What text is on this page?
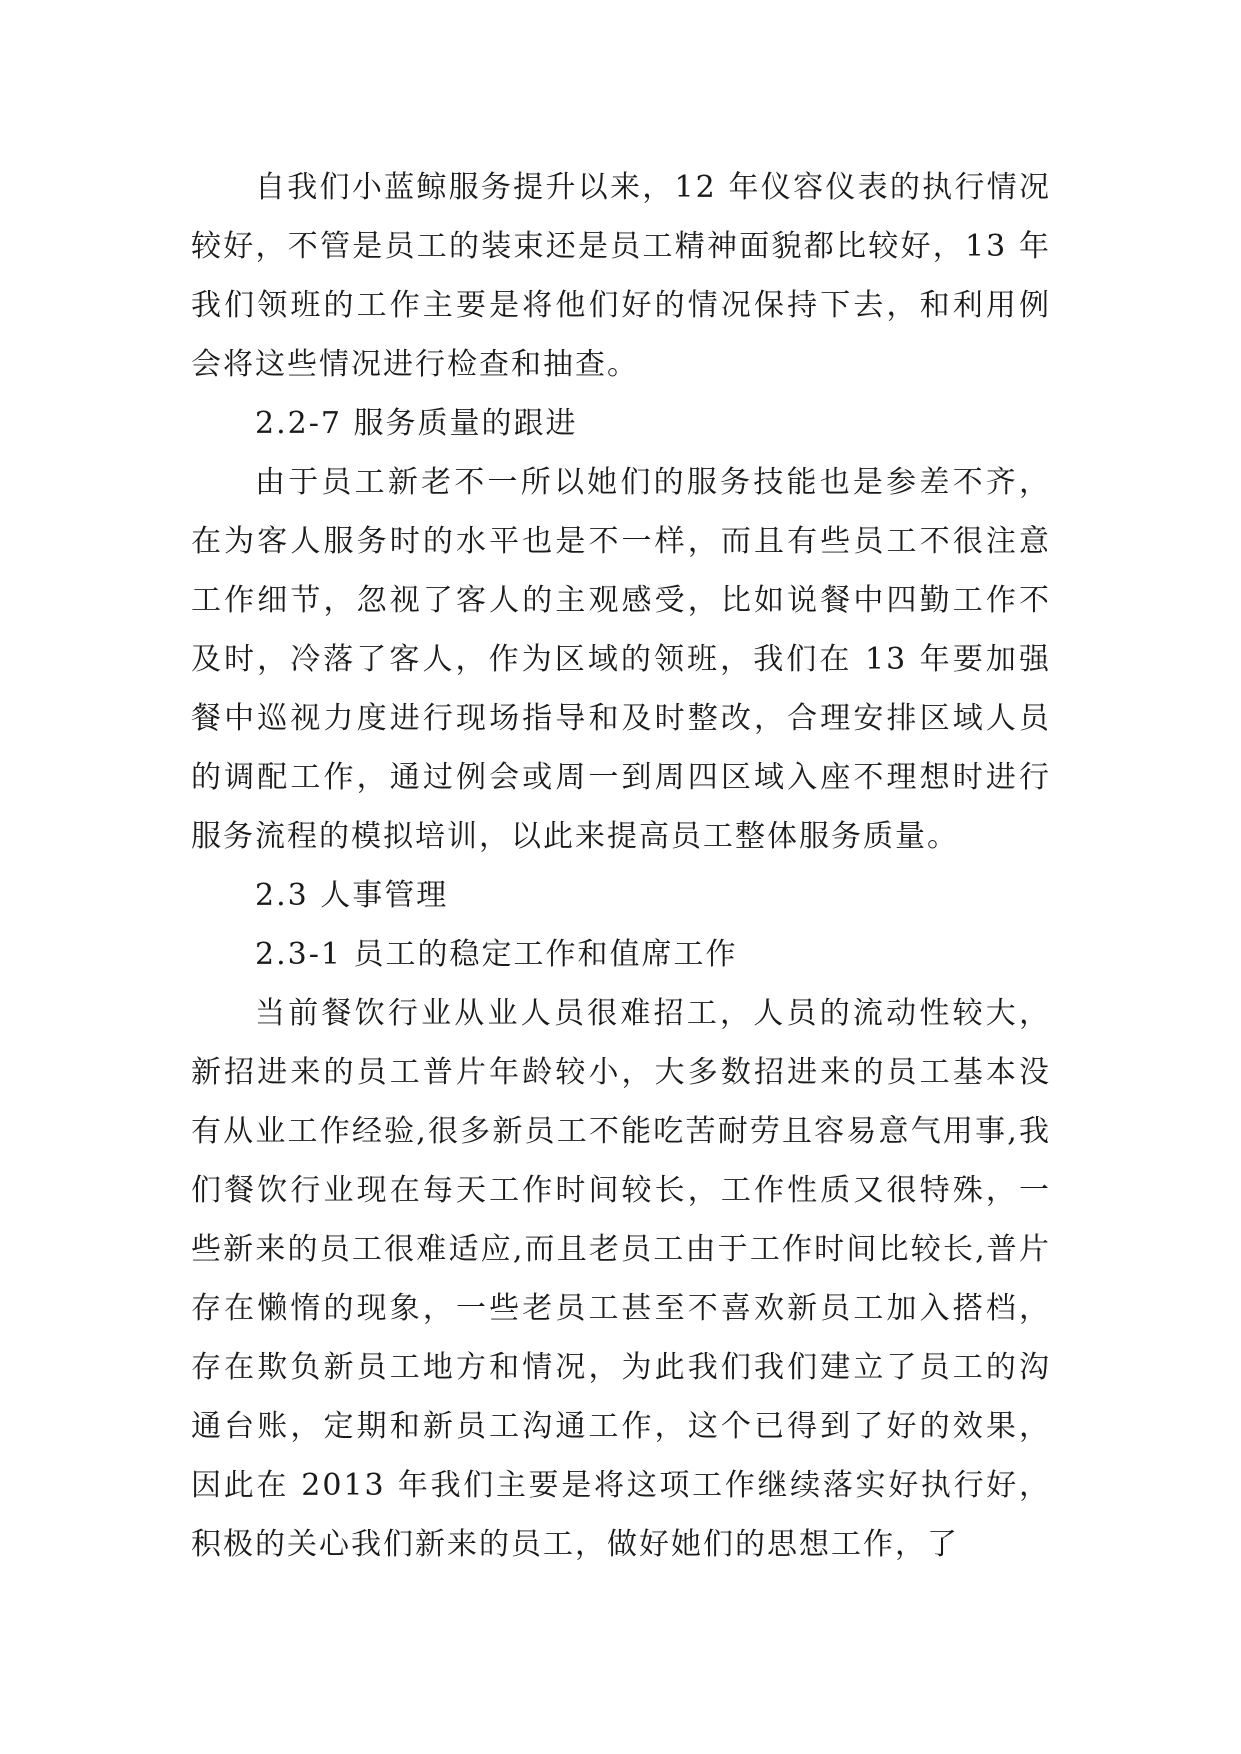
自我们小蓝鲸服务提升以来，12 年仪容仪表的执行情况较好，不管是员工的装束还是员工精神面貌都比较好，13 年我们领班的工作主要是将他们好的情况保持下去，和利用例会将这些情况进行检查和抽查。

2.2-7 服务质量的跟进

由于员工新老不一所以她们的服务技能也是参差不齐，在为客人服务时的水平也是不一样，而且有些员工不很注意工作细节，忽视了客人的主观感受，比如说餐中四勤工作不及时，冷落了客人，作为区域的领班，我们在 13 年要加强餐中巡视力度进行现场指导和及时整改，合理安排区域人员的调配工作，通过例会或周一到周四区域入座不理想时进行服务流程的模拟培训，以此来提高员工整体服务质量。

2.3 人事管理

2.3-1 员工的稳定工作和值席工作

当前餐饮行业从业人员很难招工，人员的流动性较大，新招进来的员工普片年龄较小，大多数招进来的员工基本没有从业工作经验,很多新员工不能吃苦耐劳且容易意气用事,我们餐饮行业现在每天工作时间较长，工作性质又很特殊，一些新来的员工很难适应,而且老员工由于工作时间比较长,普片存在懒惰的现象，一些老员工甚至不喜欢新员工加入搭档，存在欺负新员工地方和情况，为此我们我们建立了员工的沟通台账，定期和新员工沟通工作，这个已得到了好的效果，因此在 2013 年我们主要是将这项工作继续落实好执行好，积极的关心我们新来的员工，做好她们的思想工作，了
